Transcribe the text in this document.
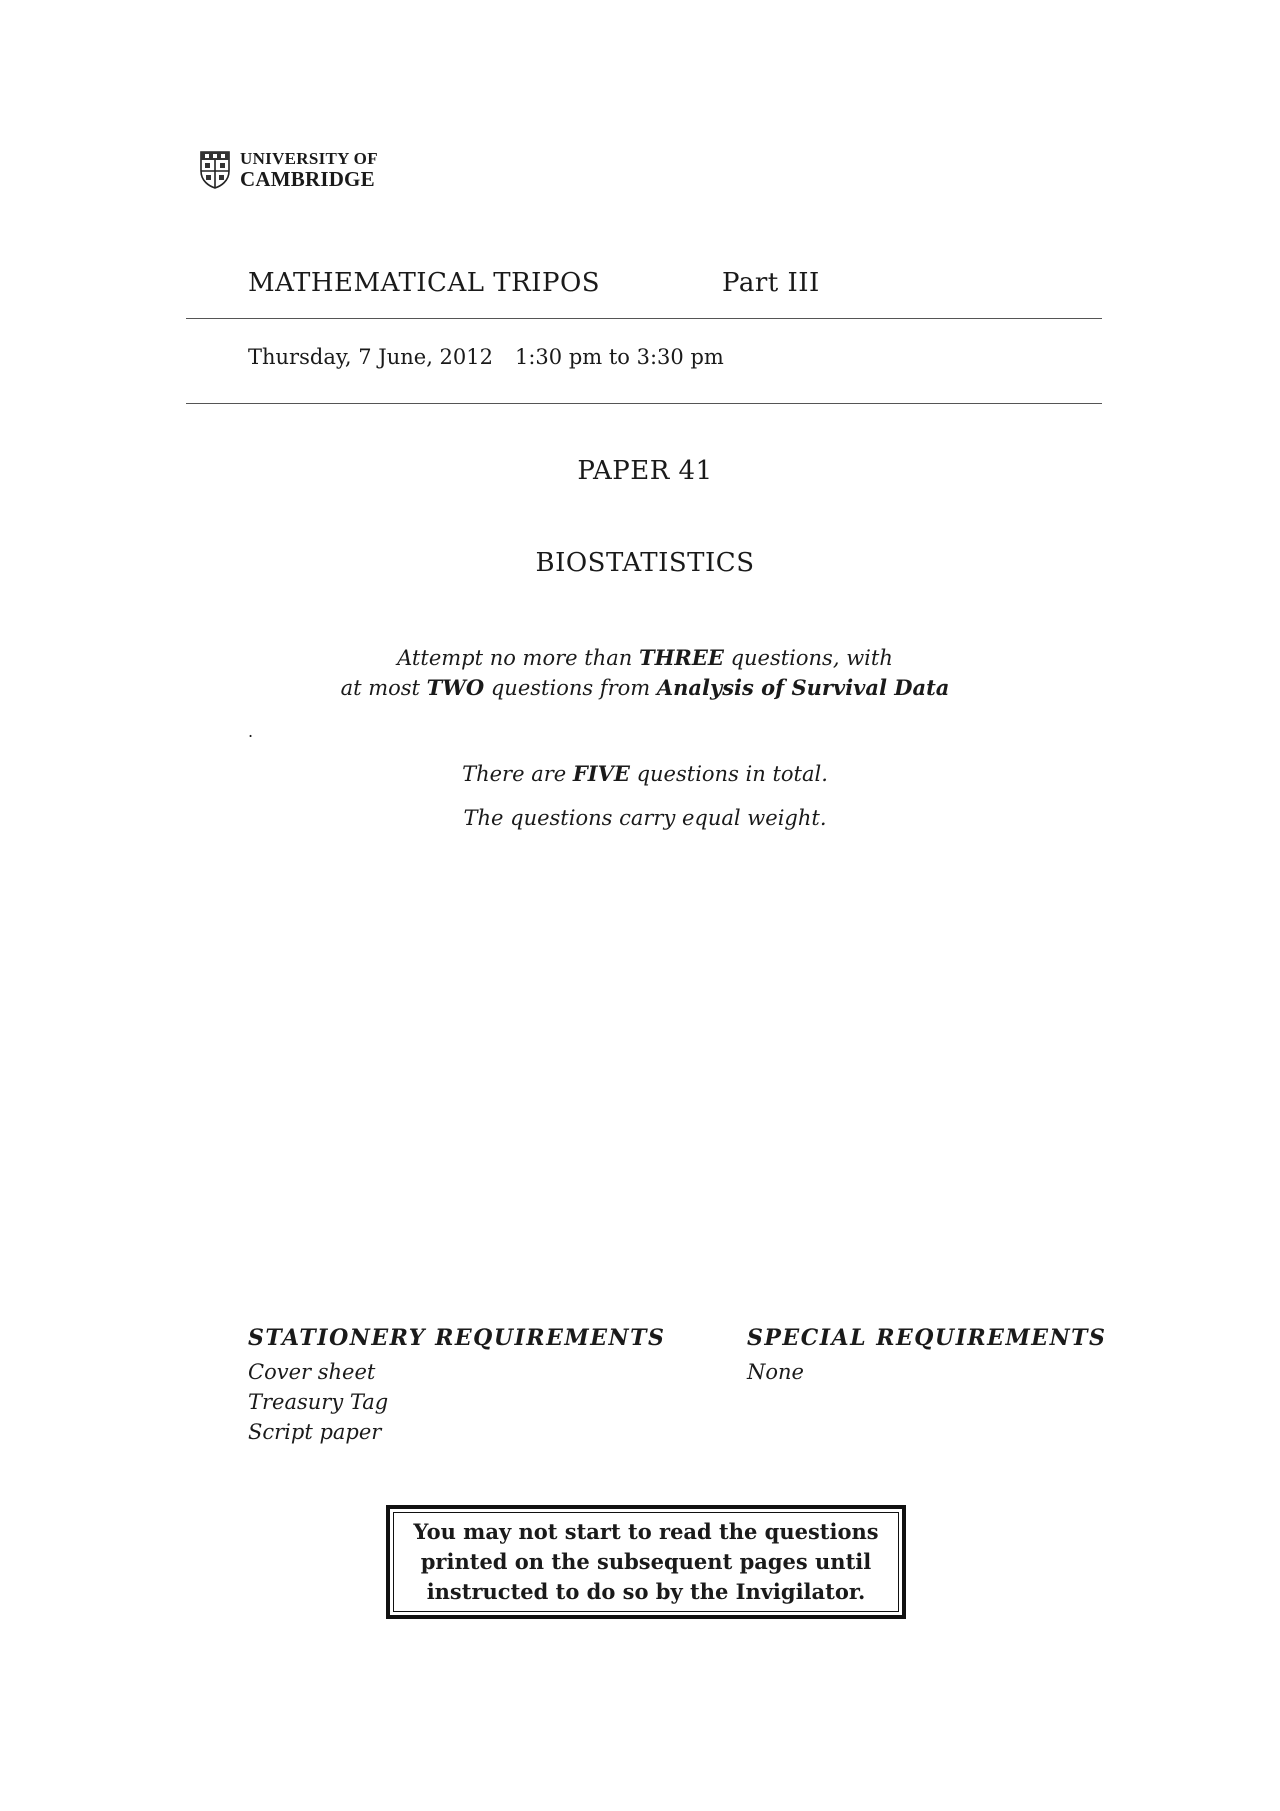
UNIVERSITY OF
CAMBRIDGE
MATHEMATICAL TRIPOS	Part III
Thursday, 7 June, 2012 1:30 pm to 3:30 pm
PAPER 41
BIOSTATISTICS
Attempt no more than THREE questions, with
at most TWO questions from Analysis of Survival Data
.
There are FIVE questions in total.
The questions carry equal weight.
STATIONERY REQUIREMENTS
Cover sheet
Treasury Tag
Script paper
SPECIAL REQUIREMENTS
None
You may not start to read the questions
printed on the subsequent pages until
instructed to do so by the Invigilator.
